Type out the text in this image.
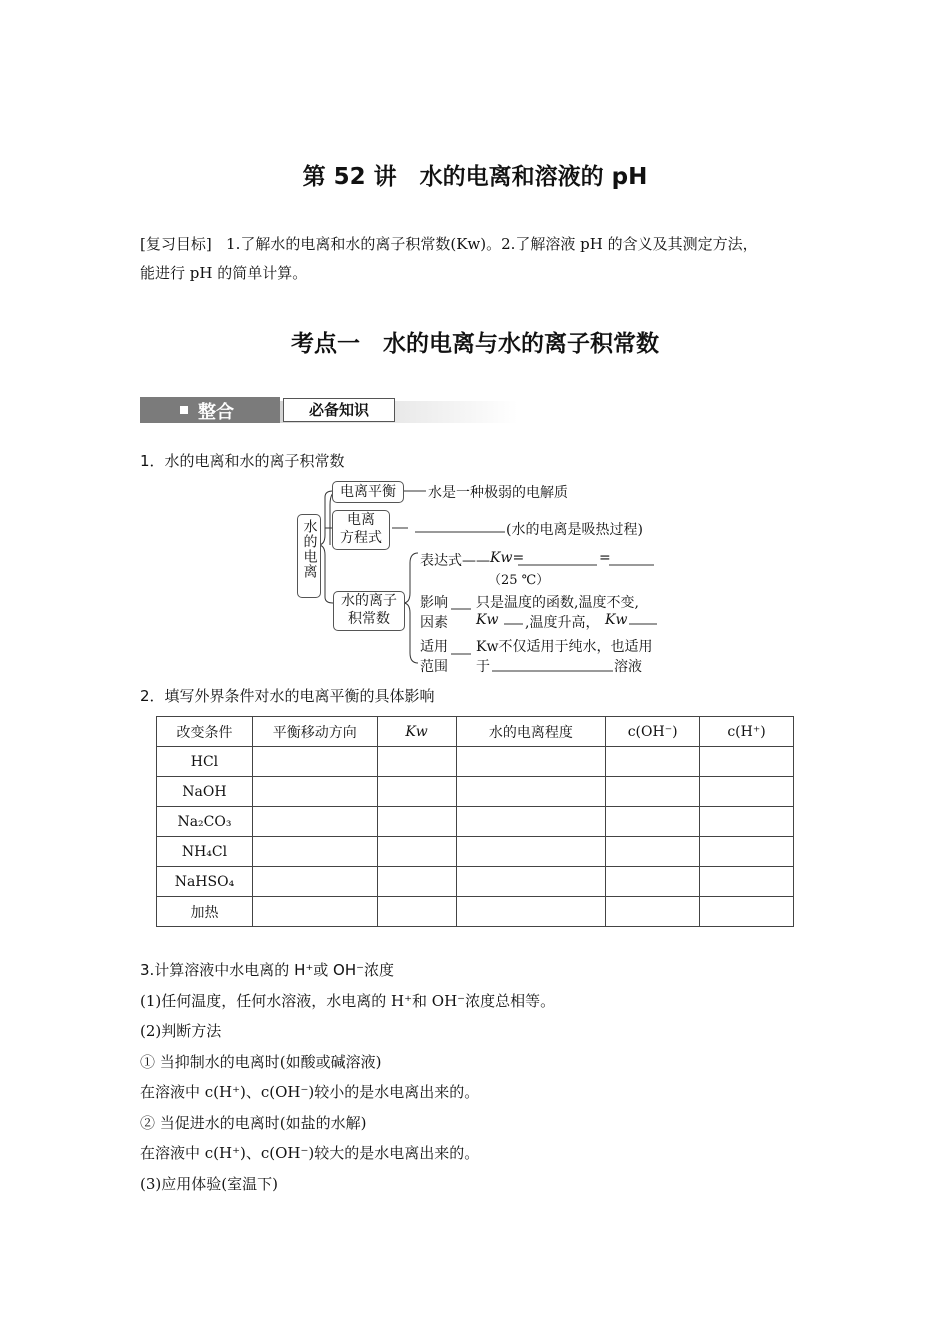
第 52 讲　水的电离和溶液的 pH
[复习目标] 1.了解水的电离和水的离子积常数(Kw)。2.了解溶液 pH 的含义及其测定方法，
能进行 pH 的简单计算。
考点一　水的电离与水的离子积常数
整合	必备知识
1．水的电离和水的离子积常数
水的电离
电离平衡	水是一种极弱的电解质
电离
方程式	(水的电离是吸热过程)
水的离子
积常数
表达式—— Kw=	=
（25 ℃）
影响
因素
只是温度的函数,温度不变,
Kw ,温度升高， Kw
适用
范围
Kw不仅适用于纯水，也适用
于	溶液
2．填写外界条件对水的电离平衡的具体影响
改变条件	平衡移动方向	Kw	水的电离程度	c(OH⁻)	c(H⁺)
HCl					
NaOH					
Na₂CO₃					
NH₄Cl					
NaHSO₄					
加热					
3.计算溶液中水电离的 H⁺或 OH⁻浓度
(1)任何温度，任何水溶液，水电离的 H⁺和 OH⁻浓度总相等。
(2)判断方法
① 当抑制水的电离时(如酸或碱溶液)
在溶液中 c(H⁺)、c(OH⁻)较小的是水电离出来的。
② 当促进水的电离时(如盐的水解)
在溶液中 c(H⁺)、c(OH⁻)较大的是水电离出来的。
(3)应用体验(室温下)
